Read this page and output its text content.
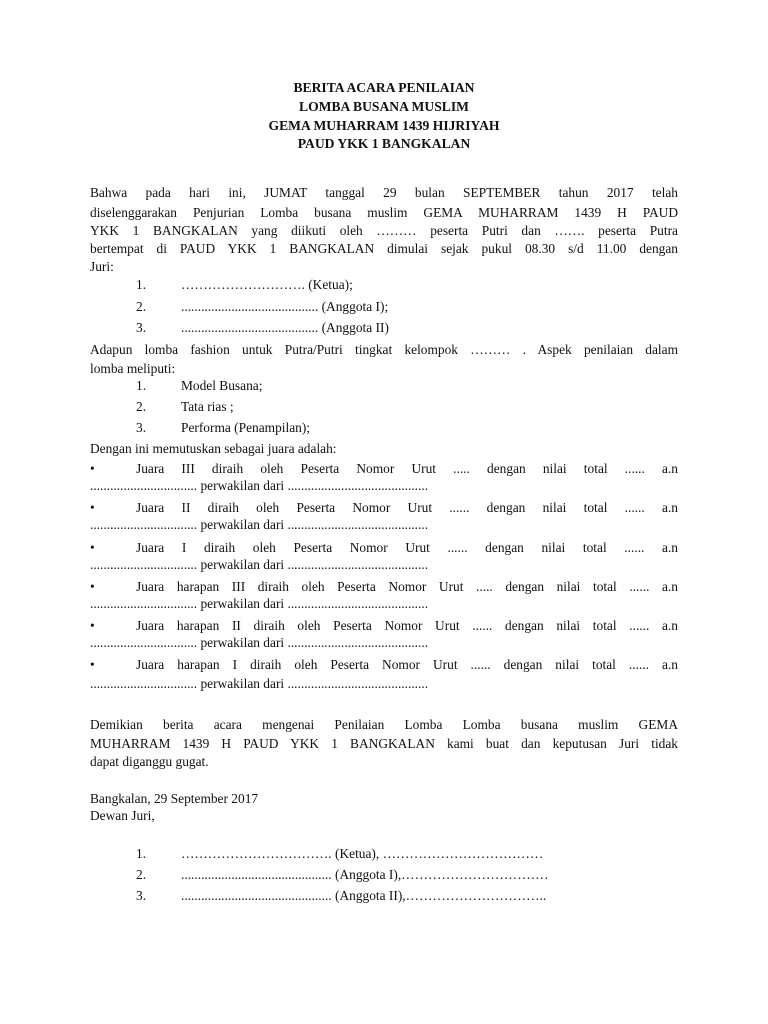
BERITA ACARA PENILAIAN
LOMBA BUSANA MUSLIM
GEMA MUHARRAM 1439 HIJRIYAH
PAUD YKK 1 BANGKALAN
Bahwa pada hari ini, JUMAT tanggal 29 bulan SEPTEMBER tahun 2017 telah
diselenggarakan Penjurian Lomba busana muslim GEMA MUHARRAM 1439 H PAUD
YKK 1 BANGKALAN yang diikuti oleh ……… peserta Putri dan ……. peserta Putra
bertempat di PAUD YKK 1 BANGKALAN dimulai sejak pukul 08.30 s/d 11.00 dengan
Juri:
1.	………………………. (Ketua);
2.	......................................... (Anggota I);
3.	......................................... (Anggota II)
Adapun lomba fashion untuk Putra/Putri tingkat kelompok ……… . Aspek penilaian dalam
lomba meliputi:
1.	Model Busana;
2.	Tata rias ;
3.	Performa (Penampilan);
Dengan ini memutuskan sebagai juara adalah:
•	Juara III diraih oleh Peserta Nomor Urut ..... dengan nilai total ...... a.n
................................ perwakilan dari ..........................................
•	Juara II diraih oleh Peserta Nomor Urut ...... dengan nilai total ...... a.n
................................ perwakilan dari ..........................................
•	Juara I diraih oleh Peserta Nomor Urut ...... dengan nilai total ...... a.n
................................ perwakilan dari ..........................................
•	Juara harapan III diraih oleh Peserta Nomor Urut ..... dengan nilai total ...... a.n
................................ perwakilan dari ..........................................
•	Juara harapan II diraih oleh Peserta Nomor Urut ...... dengan nilai total ...... a.n
................................ perwakilan dari ..........................................
•	Juara harapan I diraih oleh Peserta Nomor Urut ...... dengan nilai total ...... a.n
................................ perwakilan dari ..........................................
Demikian berita acara mengenai Penilaian Lomba Lomba busana muslim GEMA
MUHARRAM 1439 H PAUD YKK 1 BANGKALAN kami buat dan keputusan Juri tidak
dapat diganggu gugat.
Bangkalan, 29 September 2017
Dewan Juri,
1.	……………………………. (Ketua), ………………………………
2.	............................................. (Anggota I),……………………………
3.	............................................. (Anggota II),…………………………..
